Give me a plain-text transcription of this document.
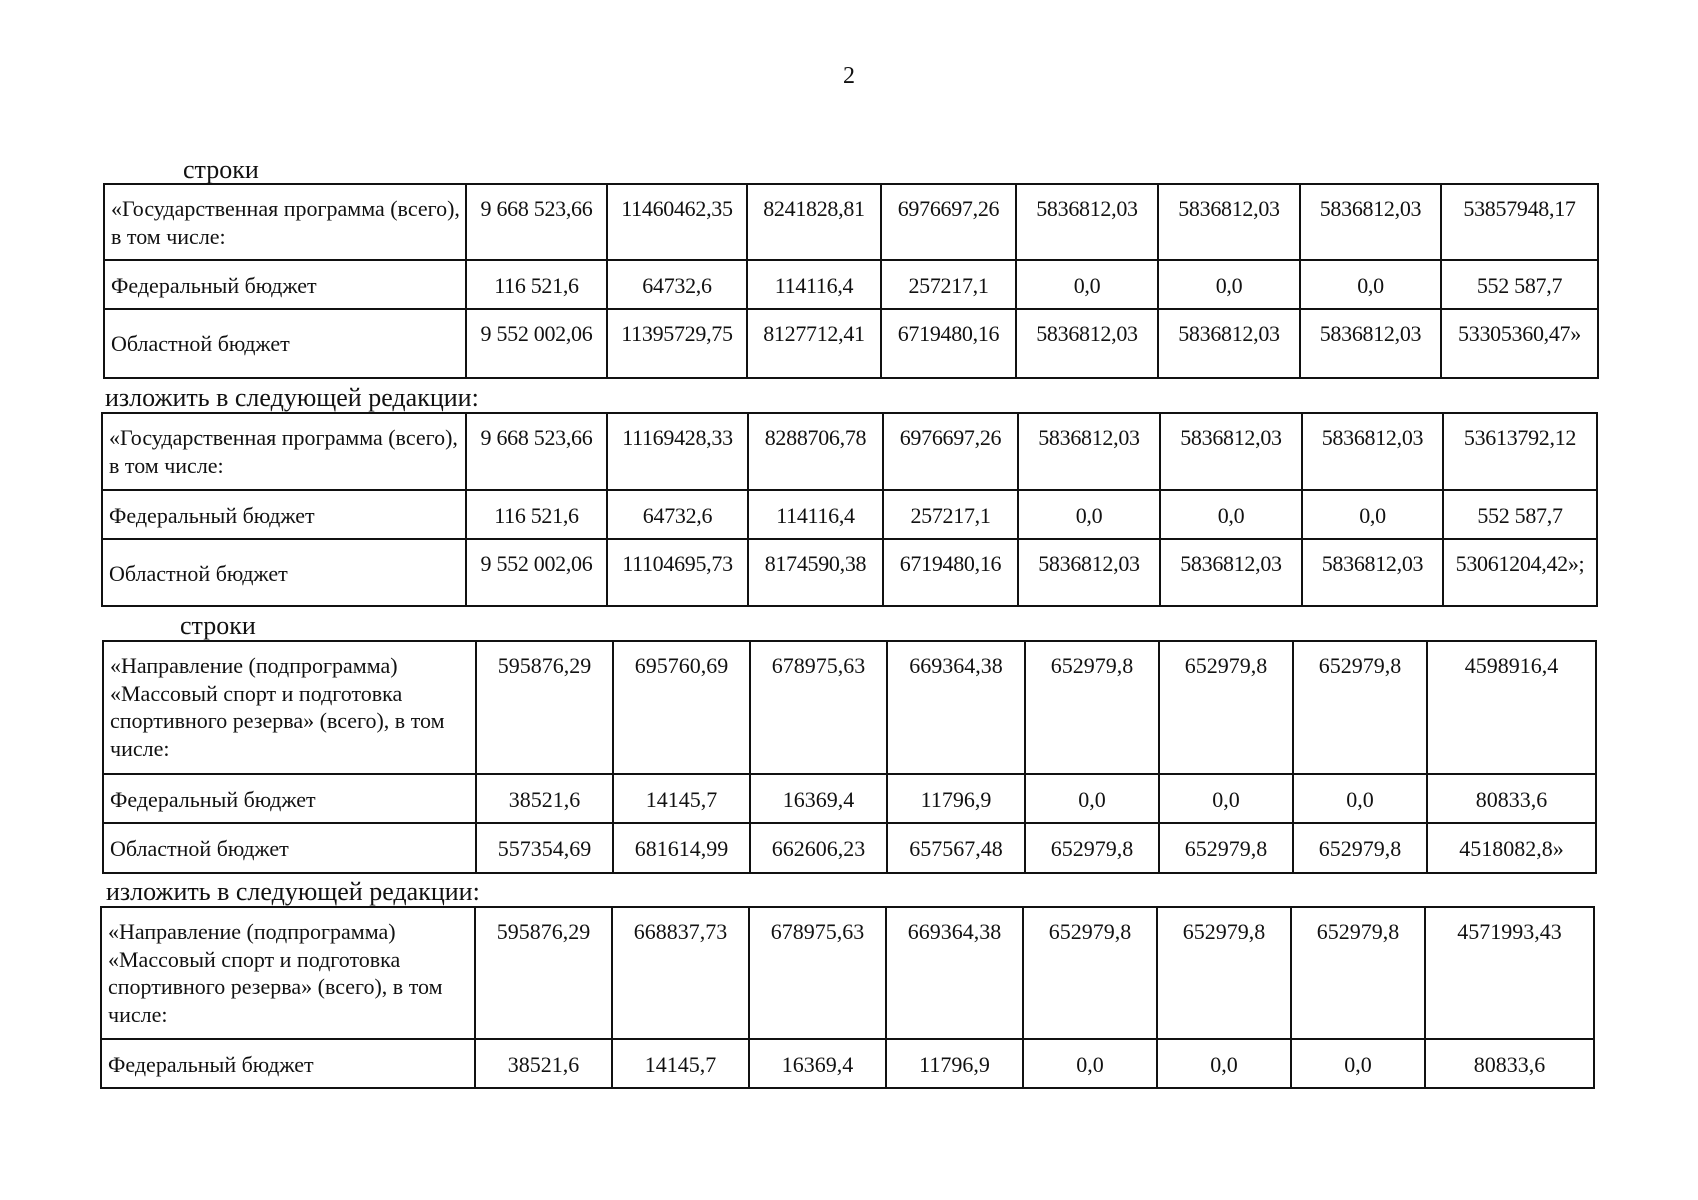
2
строки
«Государственная программа (всего), в том числе:	9 668 523,66	11460462,35	8241828,81	6976697,26	5836812,03	5836812,03	5836812,03	53857948,17
Федеральный бюджет	116 521,6	64732,6	114116,4	257217,1	0,0	0,0	0,0	552 587,7
Областной бюджет	9 552 002,06	11395729,75	8127712,41	6719480,16	5836812,03	5836812,03	5836812,03	53305360,47»
изложить в следующей редакции:
«Государственная программа (всего), в том числе:	9 668 523,66	11169428,33	8288706,78	6976697,26	5836812,03	5836812,03	5836812,03	53613792,12
Федеральный бюджет	116 521,6	64732,6	114116,4	257217,1	0,0	0,0	0,0	552 587,7
Областной бюджет	9 552 002,06	11104695,73	8174590,38	6719480,16	5836812,03	5836812,03	5836812,03	53061204,42»;
строки
«Направление (подпрограмма) «Массовый спорт и подготовка спортивного резерва» (всего), в том числе:	595876,29	695760,69	678975,63	669364,38	652979,8	652979,8	652979,8	4598916,4
Федеральный бюджет	38521,6	14145,7	16369,4	11796,9	0,0	0,0	0,0	80833,6
Областной бюджет	557354,69	681614,99	662606,23	657567,48	652979,8	652979,8	652979,8	4518082,8»
изложить в следующей редакции:
«Направление (подпрограмма) «Массовый спорт и подготовка спортивного резерва» (всего), в том числе:	595876,29	668837,73	678975,63	669364,38	652979,8	652979,8	652979,8	4571993,43
Федеральный бюджет	38521,6	14145,7	16369,4	11796,9	0,0	0,0	0,0	80833,6
